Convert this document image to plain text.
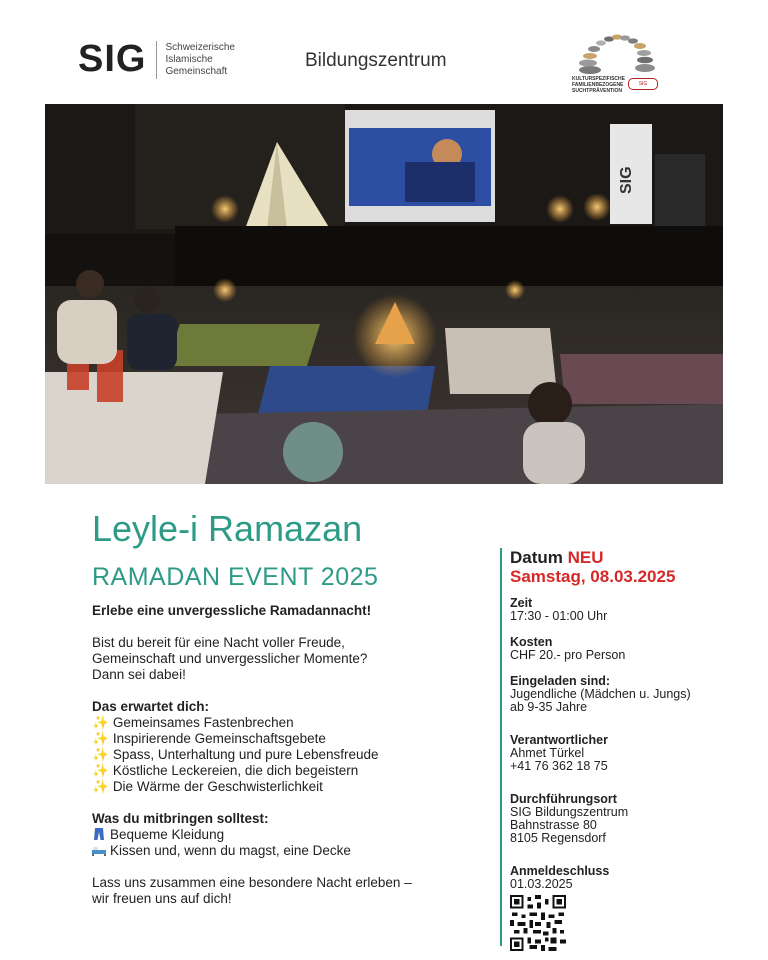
SIG Schweizerische
Islamische
Gemeinschaft	Bildungszentrum
KULTURSPEZIFISCHE
FAMILIENBEZOGENE
SUCHTPRÄVENTION
SIG
SIG
Leyle-i Ramazan
RAMADAN EVENT 2025

Erlebe eine unvergessliche Ramadannacht!

Bist du bereit für eine Nacht voller Freude,
Gemeinschaft und unvergesslicher Momente?
Dann sei dabei!

Das erwartet dich:

✨ Gemeinsames Fastenbrechen
✨ Inspirierende Gemeinschaftsgebete
✨ Spass, Unterhaltung und pure Lebensfreude
✨ Köstliche Leckereien, die dich begeistern
✨ Die Wärme der Geschwisterlichkeit

Was du mitbringen solltest:

Bequeme Kleidung
Kissen und, wenn du magst, eine Decke
Lass uns zusammen eine besondere Nacht erleben –
wir freuen uns auf dich!
Datum NEU
Samstag, 08.03.2025
Zeit
17:30 - 01:00 Uhr
Kosten
CHF 20.- pro Person
Eingeladen sind:
Jugendliche (Mädchen u. Jungs)
ab 9-35 Jahre
Verantwortlicher
Ahmet Türkel
+41 76 362 18 75
Durchführungsort
SIG Bildungszentrum
Bahnstrasse 80
8105 Regensdorf
Anmeldeschluss
01.03.2025
